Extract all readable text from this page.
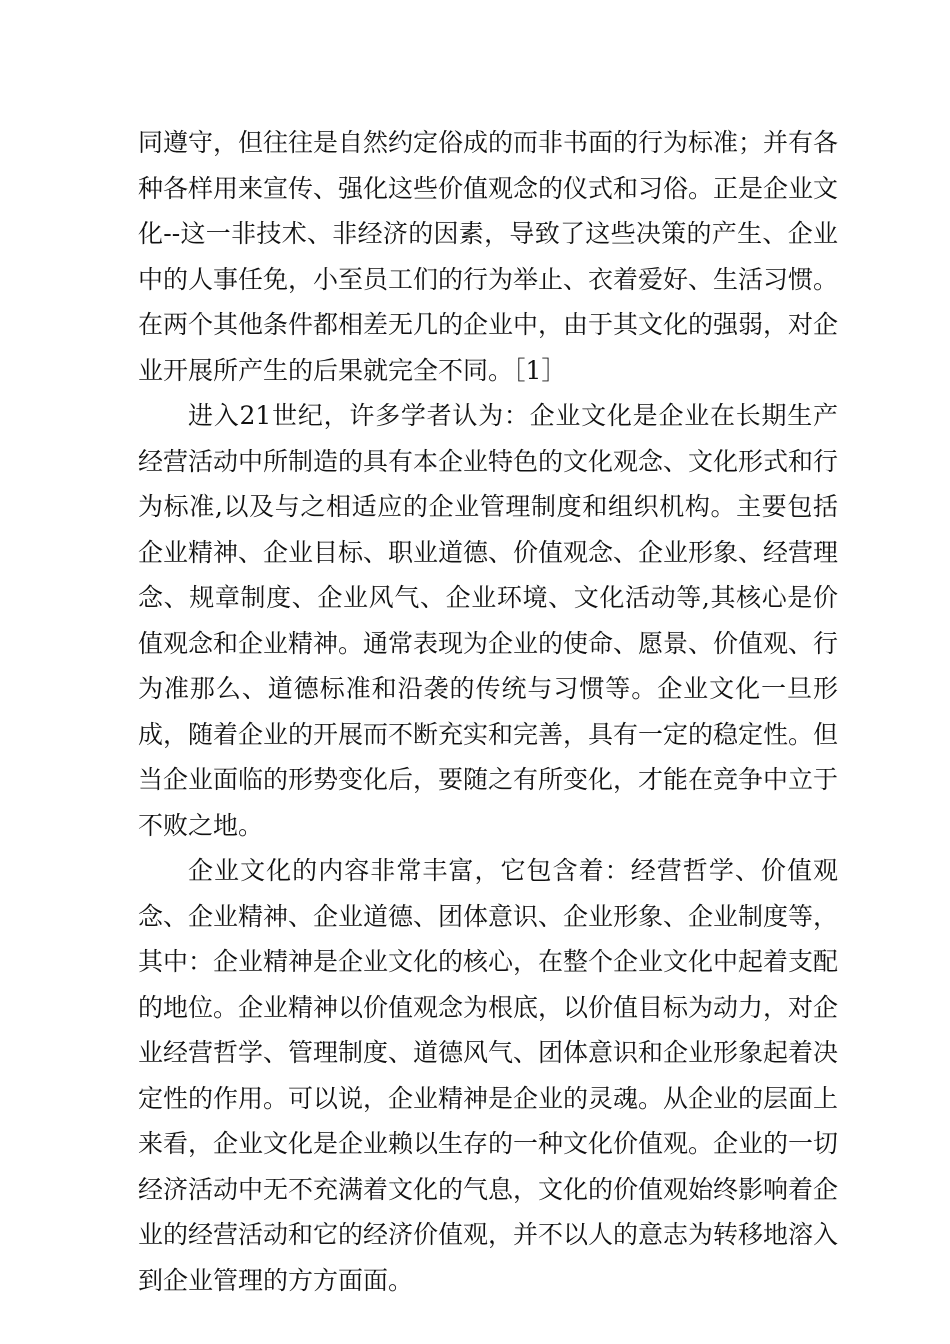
同遵守，但往往是自然约定俗成的而非书面的行为标准；并有各种各样用来宣传、强化这些价值观念的仪式和习俗。正是企业文化--这一非技术、非经济的因素，导致了这些决策的产生、企业中的人事任免，小至员工们的行为举止、衣着爱好、生活习惯。在两个其他条件都相差无几的企业中，由于其文化的强弱，对企业开展所产生的后果就完全不同。［1］

进入21世纪，许多学者认为：企业文化是企业在长期生产经营活动中所制造的具有本企业特色的文化观念、文化形式和行为标准,以及与之相适应的企业管理制度和组织机构。主要包括企业精神、企业目标、职业道德、价值观念、企业形象、经营理念、规章制度、企业风气、企业环境、文化活动等,其核心是价值观念和企业精神。通常表现为企业的使命、愿景、价值观、行为准那么、道德标准和沿袭的传统与习惯等。企业文化一旦形成，随着企业的开展而不断充实和完善，具有一定的稳定性。但当企业面临的形势变化后，要随之有所变化，才能在竞争中立于不败之地。

企业文化的内容非常丰富，它包含着：经营哲学、价值观念、企业精神、企业道德、团体意识、企业形象、企业制度等，其中：企业精神是企业文化的核心，在整个企业文化中起着支配的地位。企业精神以价值观念为根底，以价值目标为动力，对企业经营哲学、管理制度、道德风气、团体意识和企业形象起着决定性的作用。可以说，企业精神是企业的灵魂。从企业的层面上来看，企业文化是企业赖以生存的一种文化价值观。企业的一切经济活动中无不充满着文化的气息，文化的价值观始终影响着企业的经营活动和它的经济价值观，并不以人的意志为转移地溶入到企业管理的方方面面。
